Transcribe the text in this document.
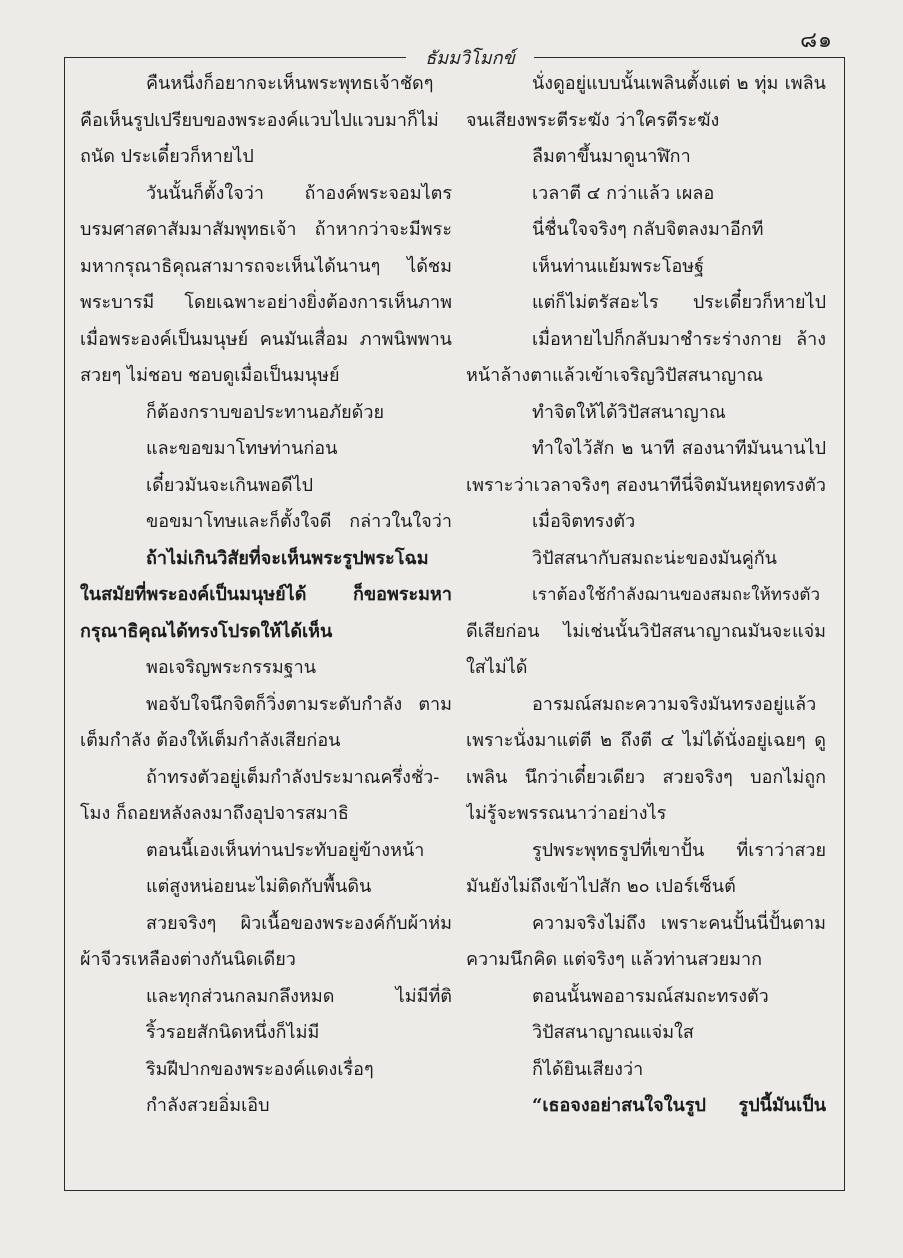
๘๑
ธัมมวิโมกข์
คืนหนึ่งก็อยากจะเห็นพระพุทธเจ้าชัดๆ
คือเห็นรูปเปรียบของพระองค์แวบไปแวบมาก็ไม่
ถนัด ประเดี๋ยวก็หายไป
วันนั้นก็ตั้งใจว่า ถ้าองค์พระจอมไตร
บรมศาสดาสัมมาสัมพุทธเจ้า ถ้าหากว่าจะมีพระ
มหากรุณาธิคุณสามารถจะเห็นได้นานๆ ได้ชม
พระบารมี โดยเฉพาะอย่างยิ่งต้องการเห็นภาพ
เมื่อพระองค์เป็นมนุษย์ คนมันเสื่อม ภาพนิพพาน
สวยๆ ไม่ชอบ ชอบดูเมื่อเป็นมนุษย์
ก็ต้องกราบขอประทานอภัยด้วย
และขอขมาโทษท่านก่อน
เดี๋ยวมันจะเกินพอดีไป
ขอขมาโทษและก็ตั้งใจดี กล่าวในใจว่า
ถ้าไม่เกินวิสัยที่จะเห็นพระรูปพระโฉม
ในสมัยที่พระองค์เป็นมนุษย์ได้ ก็ขอพระมหา
กรุณาธิคุณได้ทรงโปรดให้ได้เห็น
พอเจริญพระกรรมฐาน
พอจับใจนึกจิตก็วิ่งตามระดับกำลัง ตาม
เต็มกำลัง ต้องให้เต็มกำลังเสียก่อน
ถ้าทรงตัวอยู่เต็มกำลังประมาณครึ่งชั่ว-
โมง ก็ถอยหลังลงมาถึงอุปจารสมาธิ
ตอนนี้เองเห็นท่านประทับอยู่ข้างหน้า
แต่สูงหน่อยนะไม่ติดกับพื้นดิน
สวยจริงๆ ผิวเนื้อของพระองค์กับผ้าห่ม
ผ้าจีวรเหลืองต่างกันนิดเดียว
และทุกส่วนกลมกลึงหมด ไม่มีที่ติ
ริ้วรอยสักนิดหนึ่งก็ไม่มี
ริมฝีปากของพระองค์แดงเรื่อๆ
กำลังสวยอิ่มเอิบ
นั่งดูอยู่แบบนั้นเพลินตั้งแต่ ๒ ทุ่ม เพลิน
จนเสียงพระตีระฆัง ว่าใครตีระฆัง
ลืมตาขึ้นมาดูนาฬิกา
เวลาตี ๔ กว่าแล้ว เผลอ
นี่ชื่นใจจริงๆ กลับจิตลงมาอีกที
เห็นท่านแย้มพระโอษฐ์
แต่ก็ไม่ตรัสอะไร ประเดี๋ยวก็หายไป
เมื่อหายไปก็กลับมาชำระร่างกาย ล้าง
หน้าล้างตาแล้วเข้าเจริญวิปัสสนาญาณ
ทำจิตให้ได้วิปัสสนาญาณ
ทำใจไว้สัก ๒ นาที สองนาทีมันนานไป
เพราะว่าเวลาจริงๆ สองนาทีนี่จิตมันหยุดทรงตัว
เมื่อจิตทรงตัว
วิปัสสนากับสมถะน่ะของมันคู่กัน
เราต้องใช้กำลังฌานของสมถะให้ทรงตัว
ดีเสียก่อน ไม่เช่นนั้นวิปัสสนาญาณมันจะแจ่ม
ใสไม่ได้
อารมณ์สมถะความจริงมันทรงอยู่แล้ว
เพราะนั่งมาแต่ตี ๒ ถึงตี ๔ ไม่ได้นั่งอยู่เฉยๆ ดู
เพลิน นึกว่าเดี๋ยวเดียว สวยจริงๆ บอกไม่ถูก
ไม่รู้จะพรรณนาว่าอย่างไร
รูปพระพุทธรูปที่เขาปั้น ที่เราว่าสวย
มันยังไม่ถึงเข้าไปสัก ๒๐ เปอร์เซ็นต์
ความจริงไม่ถึง เพราะคนปั้นนี่ปั้นตาม
ความนึกคิด แต่จริงๆ แล้วท่านสวยมาก
ตอนนั้นพออารมณ์สมถะทรงตัว
วิปัสสนาญาณแจ่มใส
ก็ได้ยินเสียงว่า
“เธอจงอย่าสนใจในรูป รูปนี้มันเป็น
